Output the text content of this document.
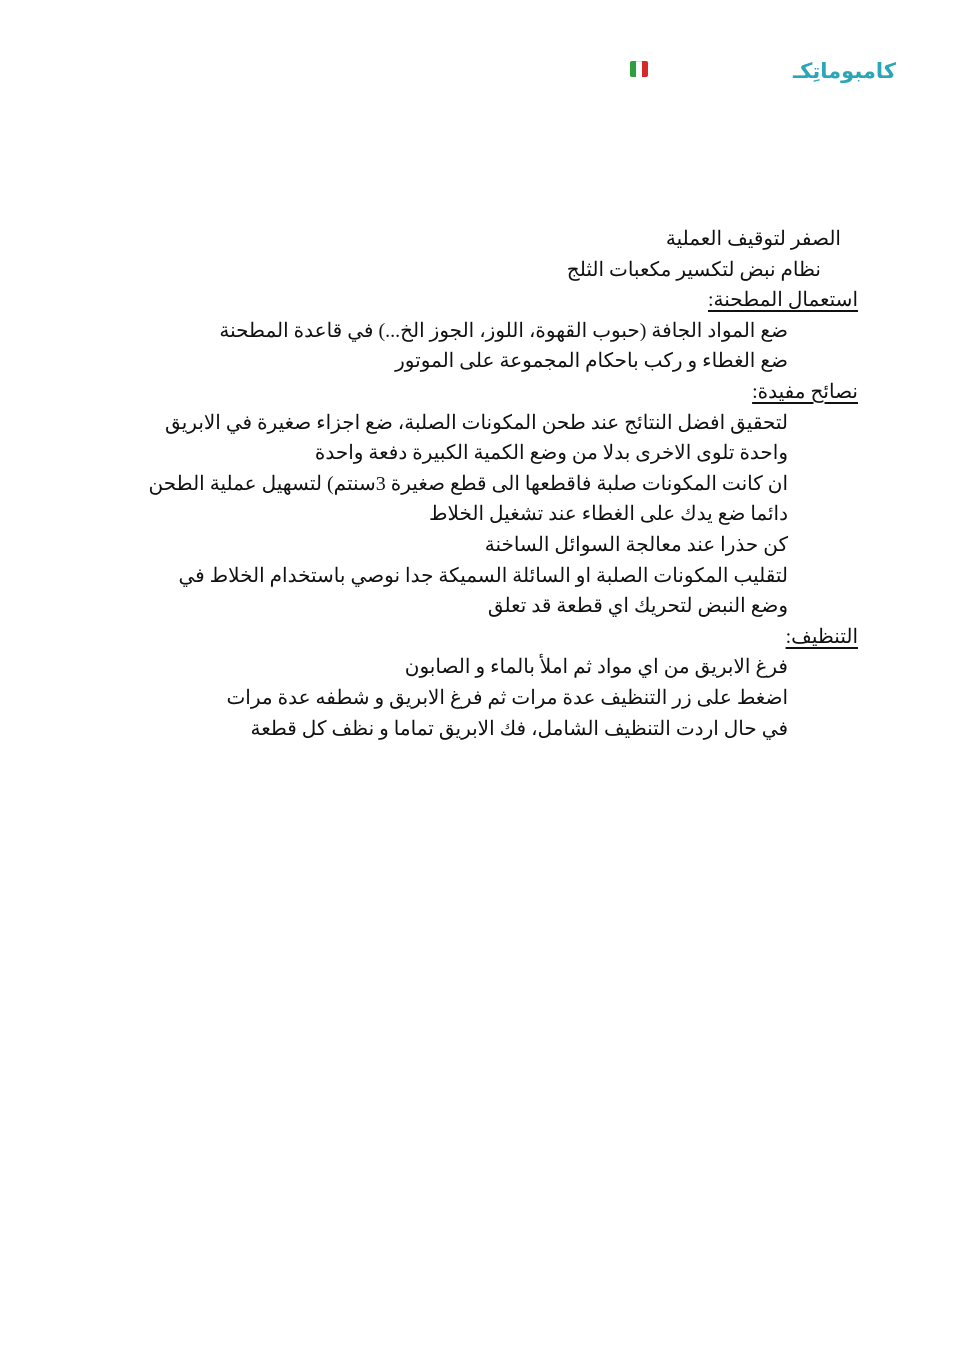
كامبوماتِكـ
الصفر لتوقيف العملية
نظام نبض لتكسير مكعبات الثلج
استعمال المطحنة:
ضع المواد الجافة (حبوب القهوة، اللوز، الجوز الخ...) في قاعدة المطحنة
ضع الغطاء و ركب باحكام المجموعة على الموتور
نصائح مفيدة:
لتحقيق افضل النتائج عند طحن المكونات الصلبة، ضع اجزاء صغيرة في الابريق واحدة تلوى الاخرى بدلا من وضع الكمية الكبيرة دفعة واحدة
ان كانت المكونات صلبة فاقطعها الى قطع صغيرة 3سنتم) لتسهيل عملية الطحن
دائما ضع يدك على الغطاء عند تشغيل الخلاط
كن حذرا عند معالجة السوائل الساخنة
لتقليب المكونات الصلبة او السائلة السميكة جدا نوصي باستخدام الخلاط في وضع النبض لتحريك اي قطعة قد تعلق
التنظيف:
فرغ الابريق من اي مواد ثم املأ بالماء و الصابون
اضغط على زر التنظيف عدة مرات ثم فرغ الابريق و شطفه عدة مرات
في حال اردت التنظيف الشامل، فك الابريق تماما و نظف كل قطعة
